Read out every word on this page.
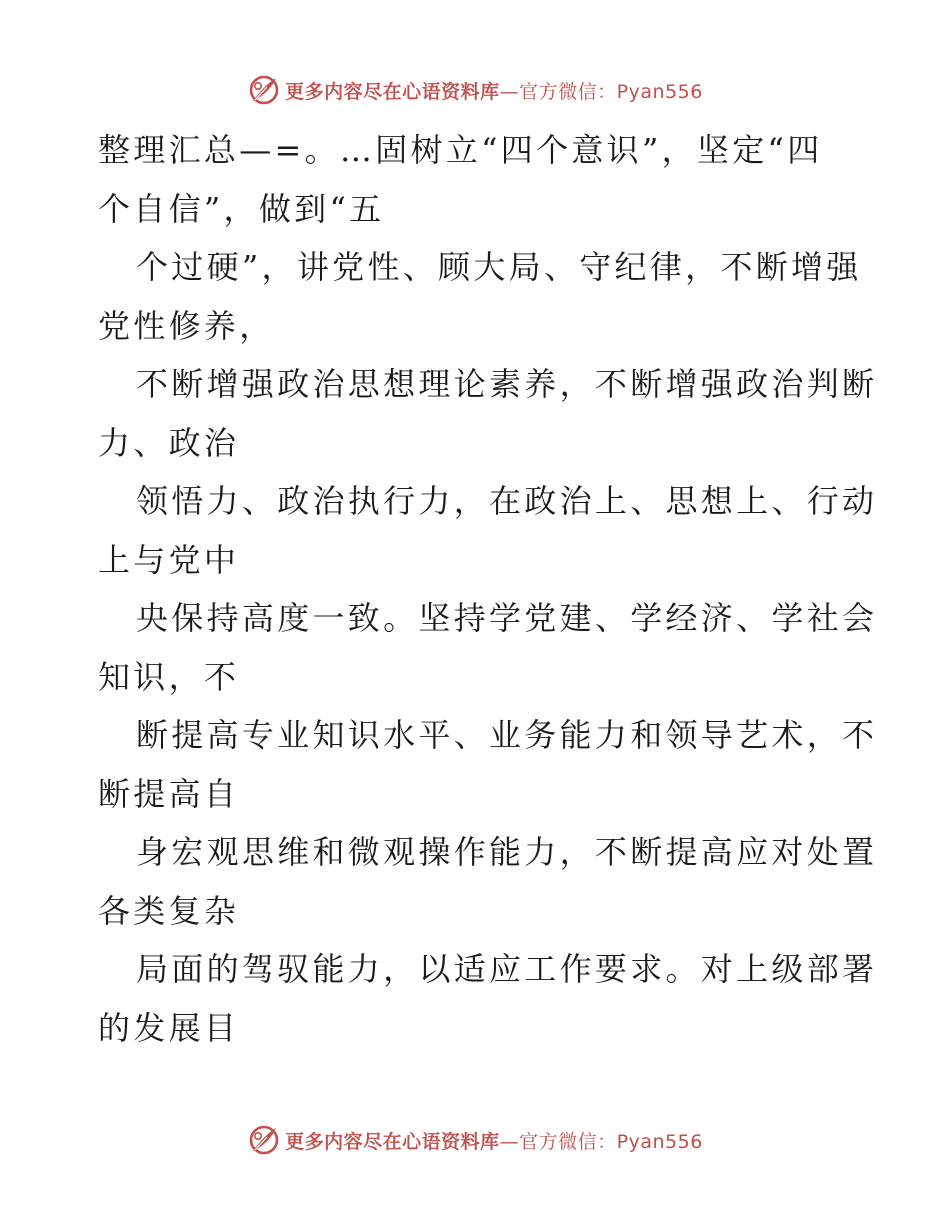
更多内容尽在心语资料库—官方微信：Pyan556
整理汇总—=。…固树立“四个意识”，坚定“四
个自信”，做到“五
个过硬”，讲党性、顾大局、守纪律，不断增强
党性修养，
不断增强政治思想理论素养，不断增强政治判断
力、政治
领悟力、政治执行力，在政治上、思想上、行动
上与党中
央保持高度一致。坚持学党建、学经济、学社会
知识，不
断提高专业知识水平、业务能力和领导艺术，不
断提高自
身宏观思维和微观操作能力，不断提高应对处置
各类复杂
局面的驾驭能力，以适应工作要求。对上级部署
的发展目
更多内容尽在心语资料库—官方微信：Pyan556
